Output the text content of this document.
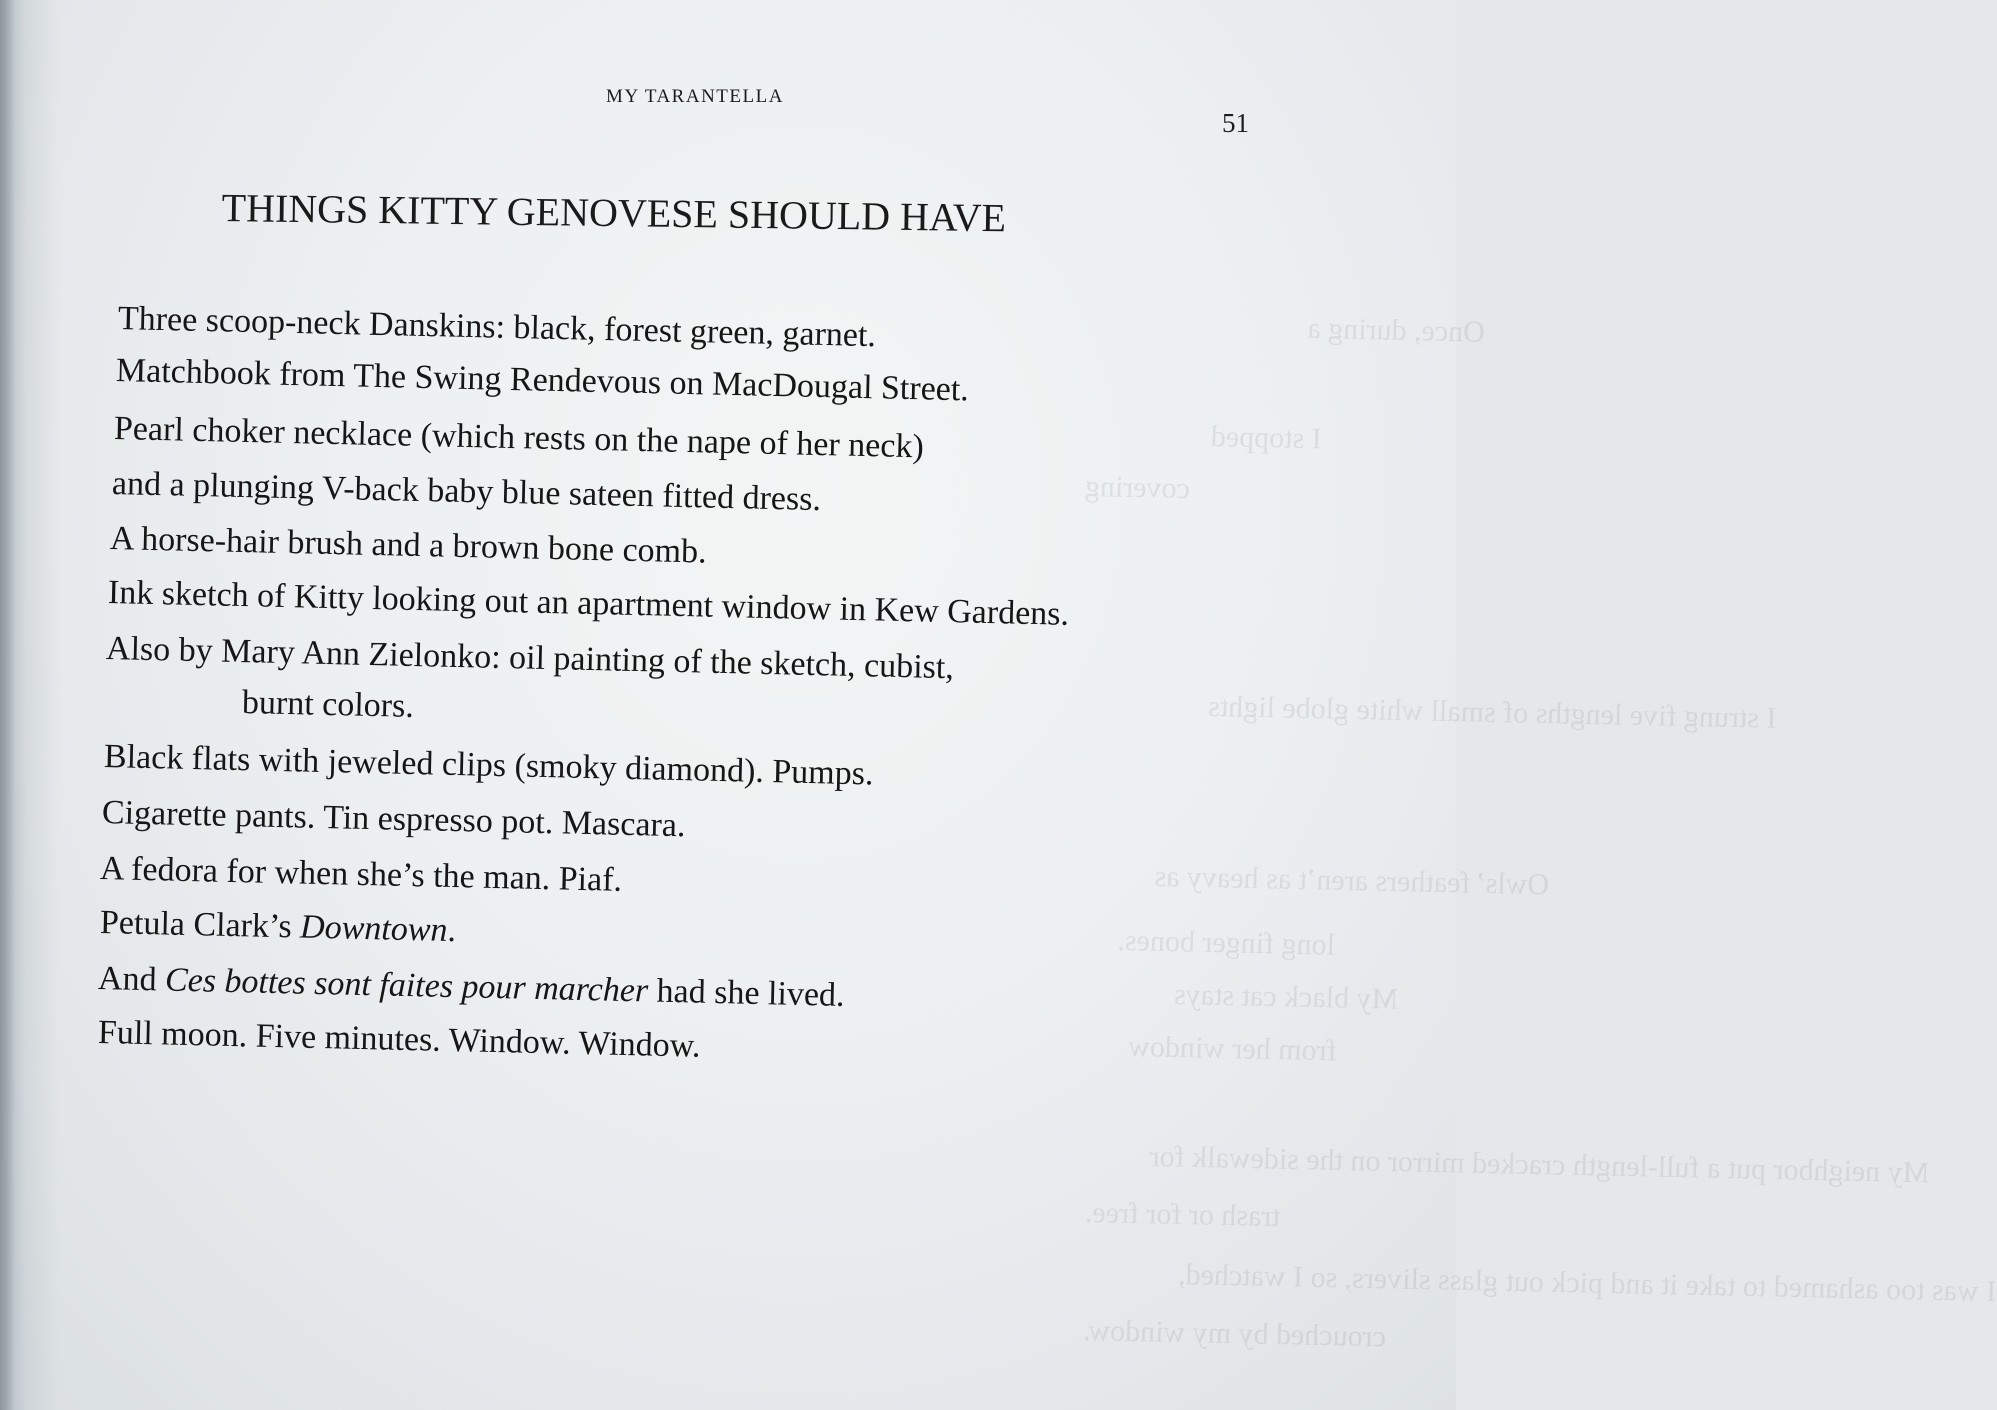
Once, during a
I stopped
covering
I strung five lengths of small white globe lights
Owls’ feathers aren’t as heavy as
long finger bones.
My black cat stays
from her window
My neighbor put a full-length cracked mirror on the sidewalk for
trash or for free.
I was too ashamed to take it and pick out glass slivers, so I watched,
crouched by my window.
MY TARANTELLA
51
THINGS KITTY GENOVESE SHOULD HAVE
Three scoop-neck Danskins: black, forest green, garnet.
Matchbook from The Swing Rendevous on MacDougal Street.
Pearl choker necklace (which rests on the nape of her neck)
and a plunging V-back baby blue sateen fitted dress.
A horse-hair brush and a brown bone comb.
Ink sketch of Kitty looking out an apartment window in Kew Gardens.
Also by Mary Ann Zielonko: oil painting of the sketch, cubist,
burnt colors.
Black flats with jeweled clips (smoky diamond). Pumps.
Cigarette pants. Tin espresso pot. Mascara.
A fedora for when she’s the man. Piaf.
Petula Clark’s Downtown.
And Ces bottes sont faites pour marcher had she lived.
Full moon. Five minutes. Window. Window.
